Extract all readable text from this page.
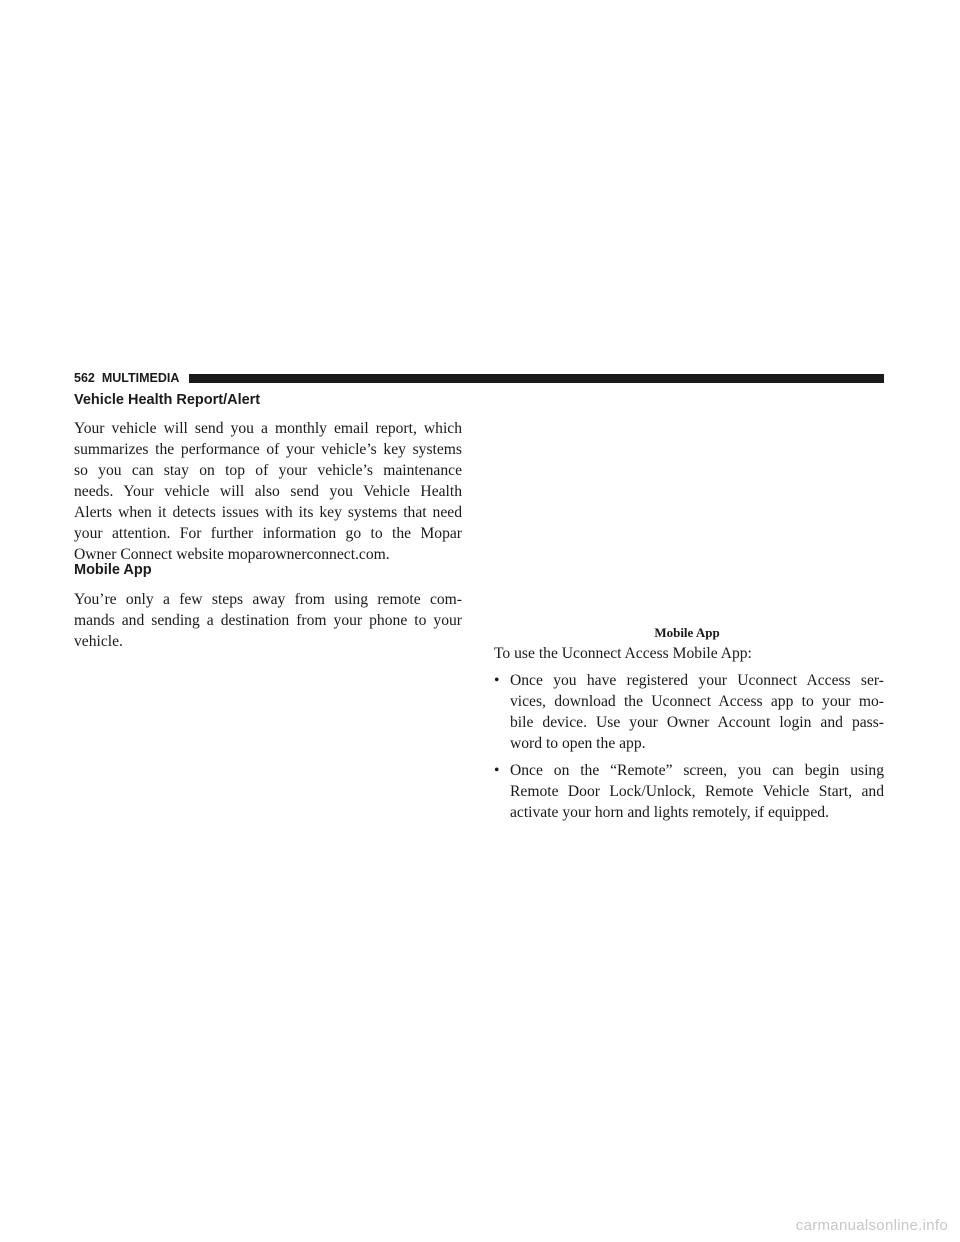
562 MULTIMEDIA
Vehicle Health Report/Alert
Your vehicle will send you a monthly email report, which
summarizes the performance of your vehicle’s key systems
so you can stay on top of your vehicle’s maintenance
needs. Your vehicle will also send you Vehicle Health
Alerts when it detects issues with its key systems that need
your attention. For further information go to the Mopar
Owner Connect website moparownerconnect.com.
Mobile App
You’re only a few steps away from using remote com-
mands and sending a destination from your phone to your
vehicle.
Mobile App
To use the Uconnect Access Mobile App:
• Once you have registered your Uconnect Access ser-
vices, download the Uconnect Access app to your mo-
bile device. Use your Owner Account login and pass-
word to open the app.
• Once on the “Remote” screen, you can begin using
Remote Door Lock/Unlock, Remote Vehicle Start, and
activate your horn and lights remotely, if equipped.
carmanualsonline.info
